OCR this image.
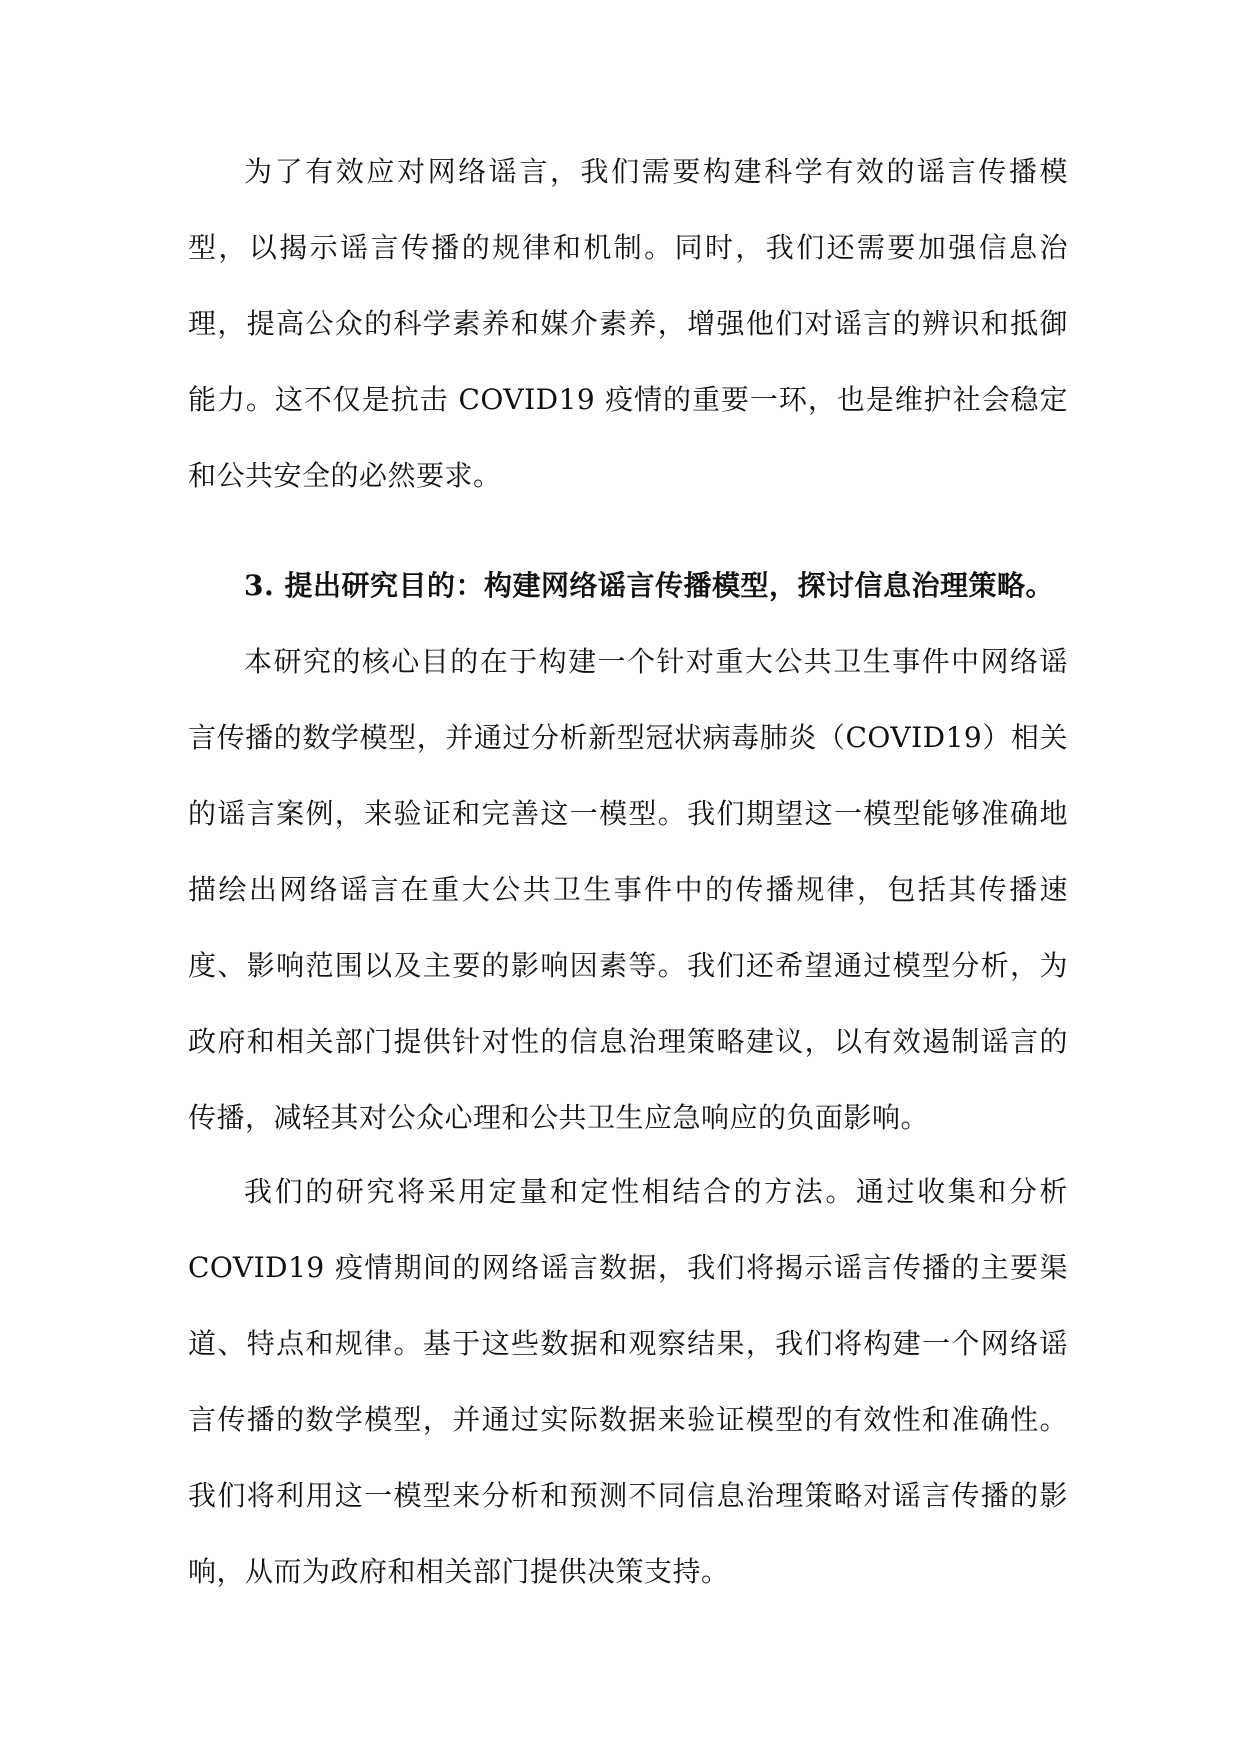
为了有效应对网络谣言，我们需要构建科学有效的谣言传播模型，以揭示谣言传播的规律和机制。同时，我们还需要加强信息治理，提高公众的科学素养和媒介素养，增强他们对谣言的辨识和抵御能力。这不仅是抗击 COVID19 疫情的重要一环，也是维护社会稳定和公共安全的必然要求。

3. 提出研究目的：构建网络谣言传播模型，探讨信息治理策略。

本研究的核心目的在于构建一个针对重大公共卫生事件中网络谣言传播的数学模型，并通过分析新型冠状病毒肺炎（COVID19）相关的谣言案例，来验证和完善这一模型。我们期望这一模型能够准确地描绘出网络谣言在重大公共卫生事件中的传播规律，包括其传播速度、影响范围以及主要的影响因素等。我们还希望通过模型分析，为政府和相关部门提供针对性的信息治理策略建议，以有效遏制谣言的传播，减轻其对公众心理和公共卫生应急响应的负面影响。

我们的研究将采用定量和定性相结合的方法。通过收集和分析 COVID19 疫情期间的网络谣言数据，我们将揭示谣言传播的主要渠道、特点和规律。基于这些数据和观察结果，我们将构建一个网络谣言传播的数学模型，并通过实际数据来验证模型的有效性和准确性。我们将利用这一模型来分析和预测不同信息治理策略对谣言传播的影响，从而为政府和相关部门提供决策支持。
